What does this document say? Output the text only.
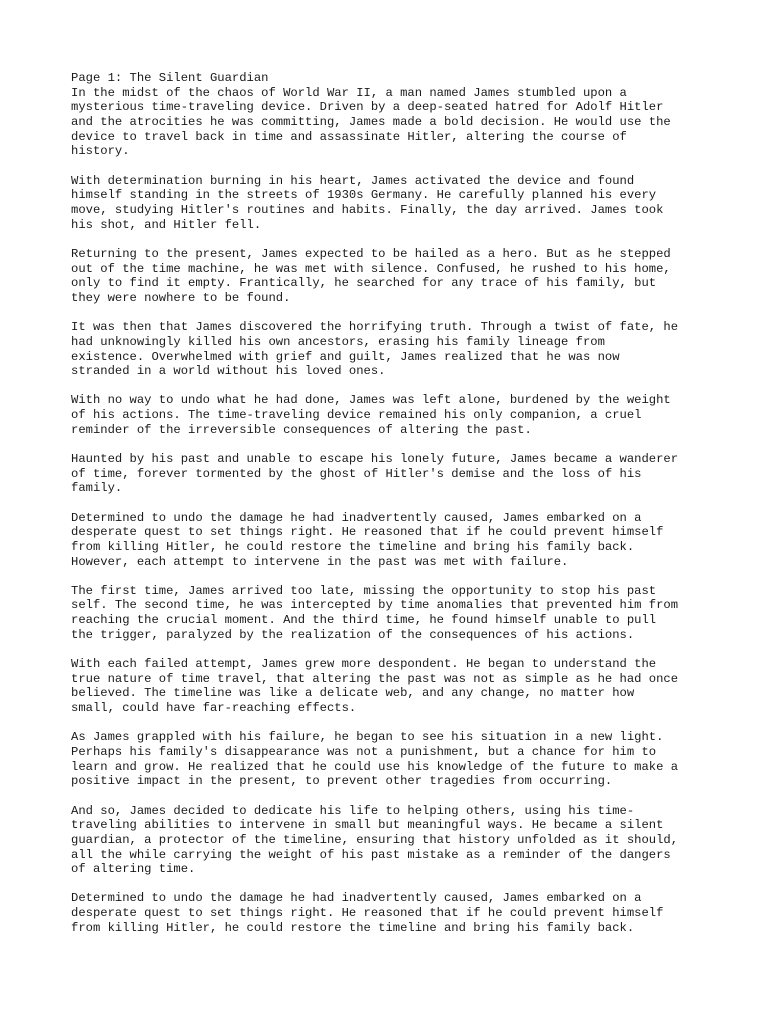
Page 1: The Silent Guardian
In the midst of the chaos of World War II, a man named James stumbled upon a
mysterious time-traveling device. Driven by a deep-seated hatred for Adolf Hitler
and the atrocities he was committing, James made a bold decision. He would use the
device to travel back in time and assassinate Hitler, altering the course of
history.
With determination burning in his heart, James activated the device and found
himself standing in the streets of 1930s Germany. He carefully planned his every
move, studying Hitler's routines and habits. Finally, the day arrived. James took
his shot, and Hitler fell.
Returning to the present, James expected to be hailed as a hero. But as he stepped
out of the time machine, he was met with silence. Confused, he rushed to his home,
only to find it empty. Frantically, he searched for any trace of his family, but
they were nowhere to be found.
It was then that James discovered the horrifying truth. Through a twist of fate, he
had unknowingly killed his own ancestors, erasing his family lineage from
existence. Overwhelmed with grief and guilt, James realized that he was now
stranded in a world without his loved ones.
With no way to undo what he had done, James was left alone, burdened by the weight
of his actions. The time-traveling device remained his only companion, a cruel
reminder of the irreversible consequences of altering the past.
Haunted by his past and unable to escape his lonely future, James became a wanderer
of time, forever tormented by the ghost of Hitler's demise and the loss of his
family.
Determined to undo the damage he had inadvertently caused, James embarked on a
desperate quest to set things right. He reasoned that if he could prevent himself
from killing Hitler, he could restore the timeline and bring his family back.
However, each attempt to intervene in the past was met with failure.
The first time, James arrived too late, missing the opportunity to stop his past
self. The second time, he was intercepted by time anomalies that prevented him from
reaching the crucial moment. And the third time, he found himself unable to pull
the trigger, paralyzed by the realization of the consequences of his actions.
With each failed attempt, James grew more despondent. He began to understand the
true nature of time travel, that altering the past was not as simple as he had once
believed. The timeline was like a delicate web, and any change, no matter how
small, could have far-reaching effects.
As James grappled with his failure, he began to see his situation in a new light.
Perhaps his family's disappearance was not a punishment, but a chance for him to
learn and grow. He realized that he could use his knowledge of the future to make a
positive impact in the present, to prevent other tragedies from occurring.
And so, James decided to dedicate his life to helping others, using his time-
traveling abilities to intervene in small but meaningful ways. He became a silent
guardian, a protector of the timeline, ensuring that history unfolded as it should,
all the while carrying the weight of his past mistake as a reminder of the dangers
of altering time.
Determined to undo the damage he had inadvertently caused, James embarked on a
desperate quest to set things right. He reasoned that if he could prevent himself
from killing Hitler, he could restore the timeline and bring his family back.
